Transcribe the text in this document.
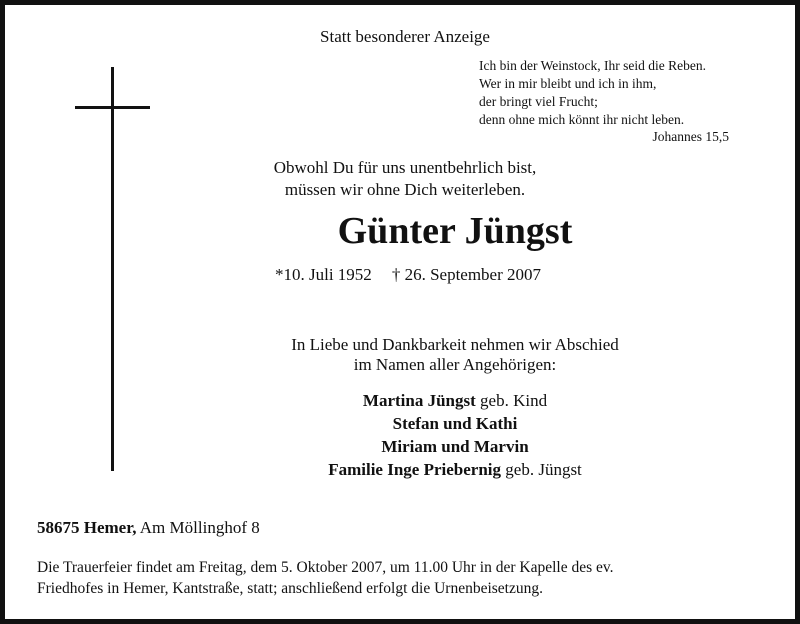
Statt besonderer Anzeige
Ich bin der Weinstock, Ihr seid die Reben.
Wer in mir bleibt und ich in ihm,
der bringt viel Frucht;
denn ohne mich könnt ihr nicht leben.
Johannes 15,5
Obwohl Du für uns unentbehrlich bist,
müssen wir ohne Dich weiterleben.
Günter Jüngst
*10. Juli 1952 † 26. September 2007
In Liebe und Dankbarkeit nehmen wir Abschied
im Namen aller Angehörigen:
Martina Jüngst geb. Kind
Stefan und Kathi
Miriam und Marvin
Familie Inge Priebernig geb. Jüngst
58675 Hemer, Am Möllinghof 8
Die Trauerfeier findet am Freitag, dem 5. Oktober 2007, um 11.00 Uhr in der Kapelle des ev.
Friedhofes in Hemer, Kantstraße, statt; anschließend erfolgt die Urnenbeisetzung.
